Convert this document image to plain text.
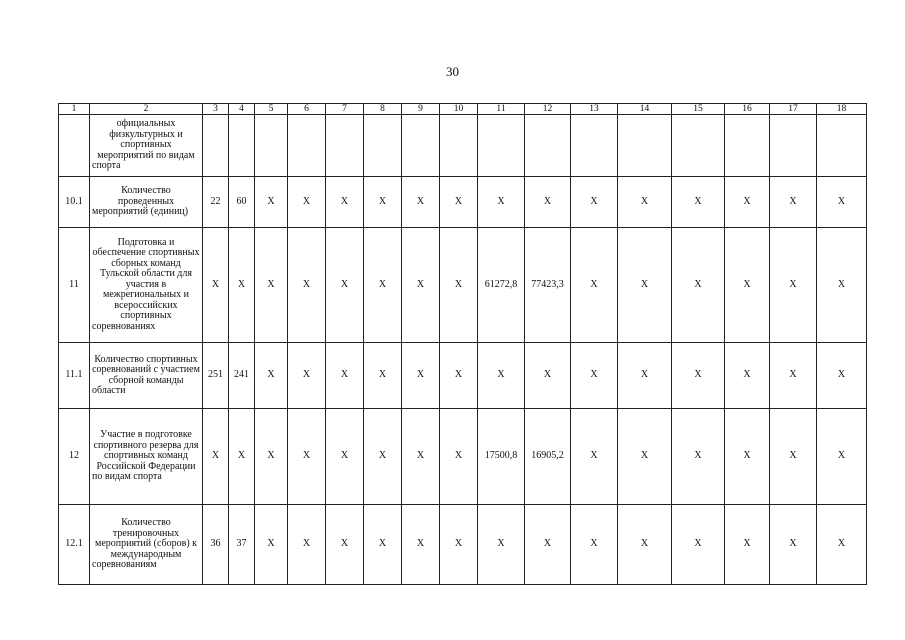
30
1	2	3	4	5	6	7	8	9	10	11	12	13	14	15	16	17	18
	официальных физкультурных и спортивных мероприятий по видам спорта																
10.1	Количество проведенных мероприятий (единиц)	22	60	X	X	X	X	X	X	X	X	X	X	X	X	X	X
11	Подготовка и обеспечение спортивных сборных команд Тульской области для участия в межрегиональных и всероссийских спортивных соревнованиях	X	X	X	X	X	X	X	X	61272,8	77423,3	X	X	X	X	X	X
11.1	Количество спортивных соревнований с участием сборной команды области	251	241	X	X	X	X	X	X	X	X	X	X	X	X	X	X
12	Участие в подготовке спортивного резерва для спортивных команд Российской Федерации по видам спорта	X	X	X	X	X	X	X	X	17500,8	16905,2	X	X	X	X	X	X
12.1	Количество тренировочных мероприятий (сборов) к международным соревнованиям	36	37	X	X	X	X	X	X	X	X	X	X	X	X	X	X
